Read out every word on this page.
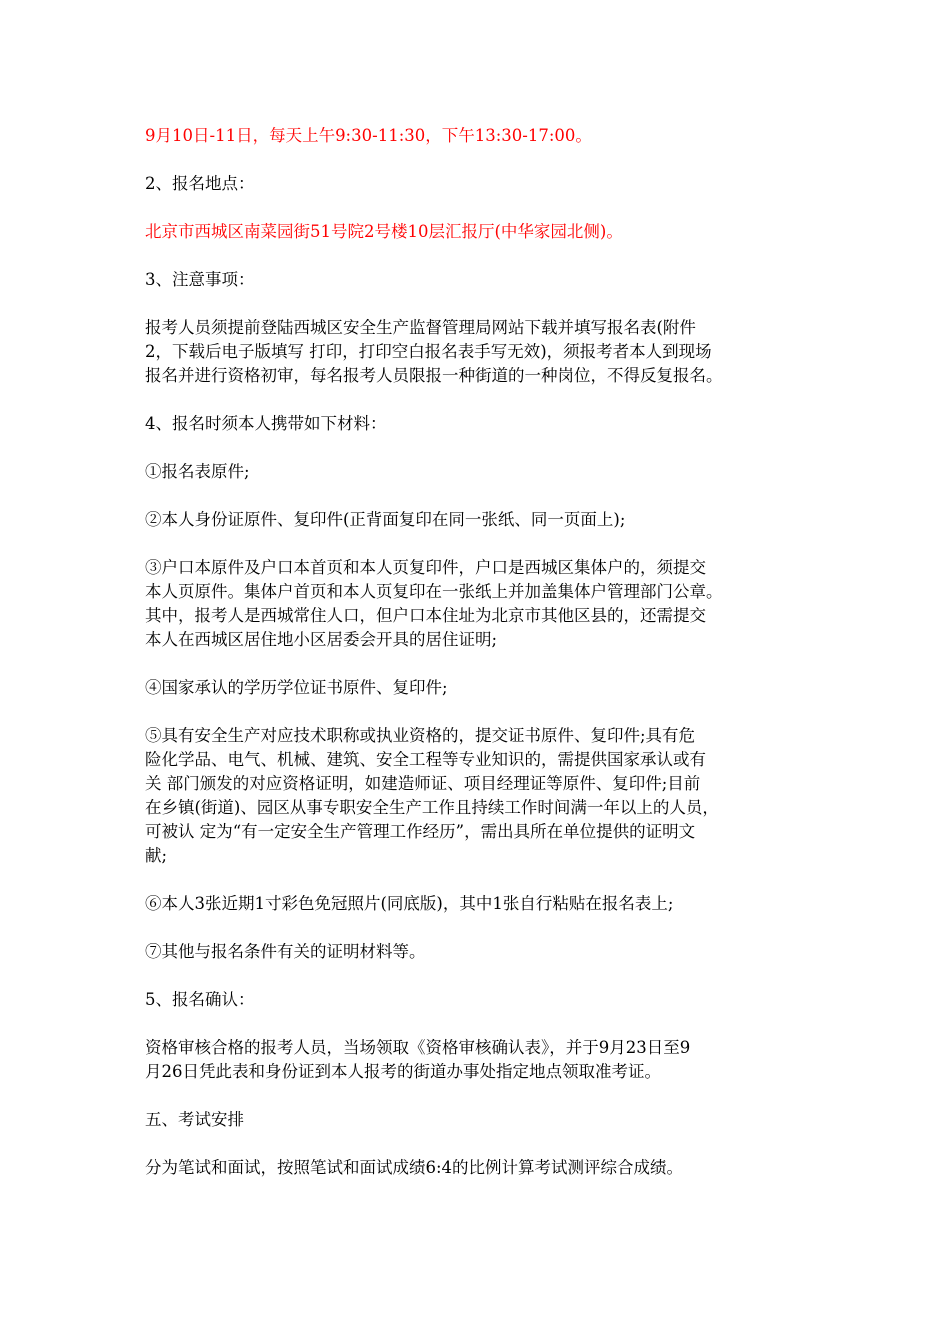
9月10日-11日，每天上午9:30-11:30，下午13:30-17:00。

2、报名地点：

北京市西城区南菜园街51号院2号楼10层汇报厅(中华家园北侧)。

3、注意事项：

报考人员须提前登陆西城区安全生产监督管理局网站下载并填写报名表(附件
2，下载后电子版填写 打印，打印空白报名表手写无效)，须报考者本人到现场
报名并进行资格初审，每名报考人员限报一种街道的一种岗位，不得反复报名。

4、报名时须本人携带如下材料：

①报名表原件;

②本人身份证原件、复印件(正背面复印在同一张纸、同一页面上);

③户口本原件及户口本首页和本人页复印件，户口是西城区集体户的，须提交
本人页原件。集体户首页和本人页复印在一张纸上并加盖集体户管理部门公章。
其中，报考人是西城常住人口，但户口本住址为北京市其他区县的，还需提交
本人在西城区居住地小区居委会开具的居住证明;

④国家承认的学历学位证书原件、复印件;

⑤具有安全生产对应技术职称或执业资格的，提交证书原件、复印件;具有危
险化学品、电气、机械、建筑、安全工程等专业知识的，需提供国家承认或有
关 部门颁发的对应资格证明，如建造师证、项目经理证等原件、复印件;目前
在乡镇(街道)、园区从事专职安全生产工作且持续工作时间满一年以上的人员，
可被认 定为“有一定安全生产管理工作经历”，需出具所在单位提供的证明文
献;

⑥本人3张近期1寸彩色免冠照片(同底版)，其中1张自行粘贴在报名表上;

⑦其他与报名条件有关的证明材料等。

5、报名确认：

资格审核合格的报考人员，当场领取《资格审核确认表》，并于9月23日至9
月26日凭此表和身份证到本人报考的街道办事处指定地点领取准考证。

五、考试安排

分为笔试和面试，按照笔试和面试成绩6:4的比例计算考试测评综合成绩。
